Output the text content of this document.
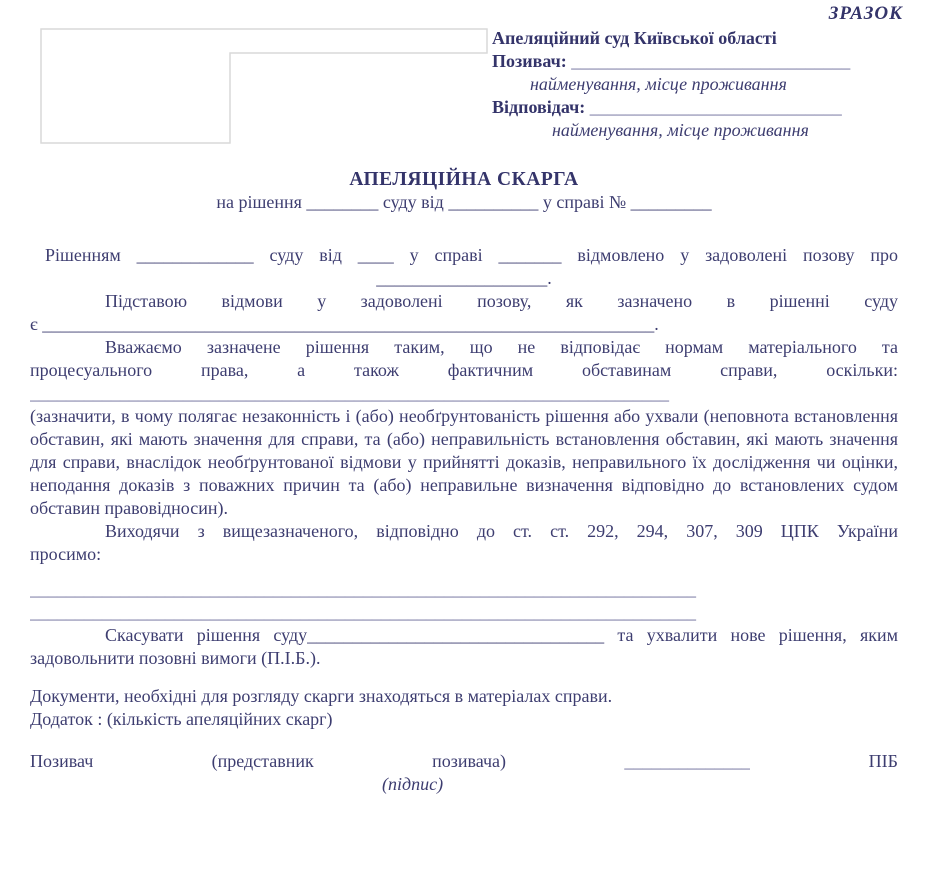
ЗРАЗОК
Апеляційний суд Київської області
Позивач: _______________________________
найменування, місце проживання
Відповідач: ____________________________
найменування, місце проживання
АПЕЛЯЦІЙНА СКАРГА
на рішення ________ суду від __________ у справі № _________
Рішенням _____________ суду від ____ у справі _______ відмовлено у задоволені позову про
___________________.
Підставою відмови у задоволені позову, як зазначено в рішенні суду
є ____________________________________________________________________.
Вважаємо зазначене рішення таким, що не відповідає нормам матеріального та
процесуального права, а також фактичним обставинам справи, оскільки:
_______________________________________________________________________
(зазначити, в чому полягає незаконність і (або) необґрунтованість рішення або ухвали (неповнота встановлення обставин, які мають значення для справи, та (або) неправильність встановлення обставин, які мають значення для справи, внаслідок необґрунтованої відмови у прийнятті доказів, неправильного їх дослідження чи оцінки, неподання доказів з поважних причин та (або) неправильне визначення відповідно до встановлених судом обставин правовідносин).
Виходячи з вищезазначеного, відповідно до ст. ст. 292, 294, 307, 309 ЦПК України
просимо:
__________________________________________________________________________
__________________________________________________________________________
Скасувати рішення суду_________________________________ та ухвалити нове рішення, яким
задовольнити позовні вимоги (П.І.Б.).
Документи, необхідні для розгляду скарги знаходяться в матеріалах справи.
Додаток : (кількість апеляційних скарг)
Позивач	(представник	позивача)	______________	ПІБ
(підпис)
